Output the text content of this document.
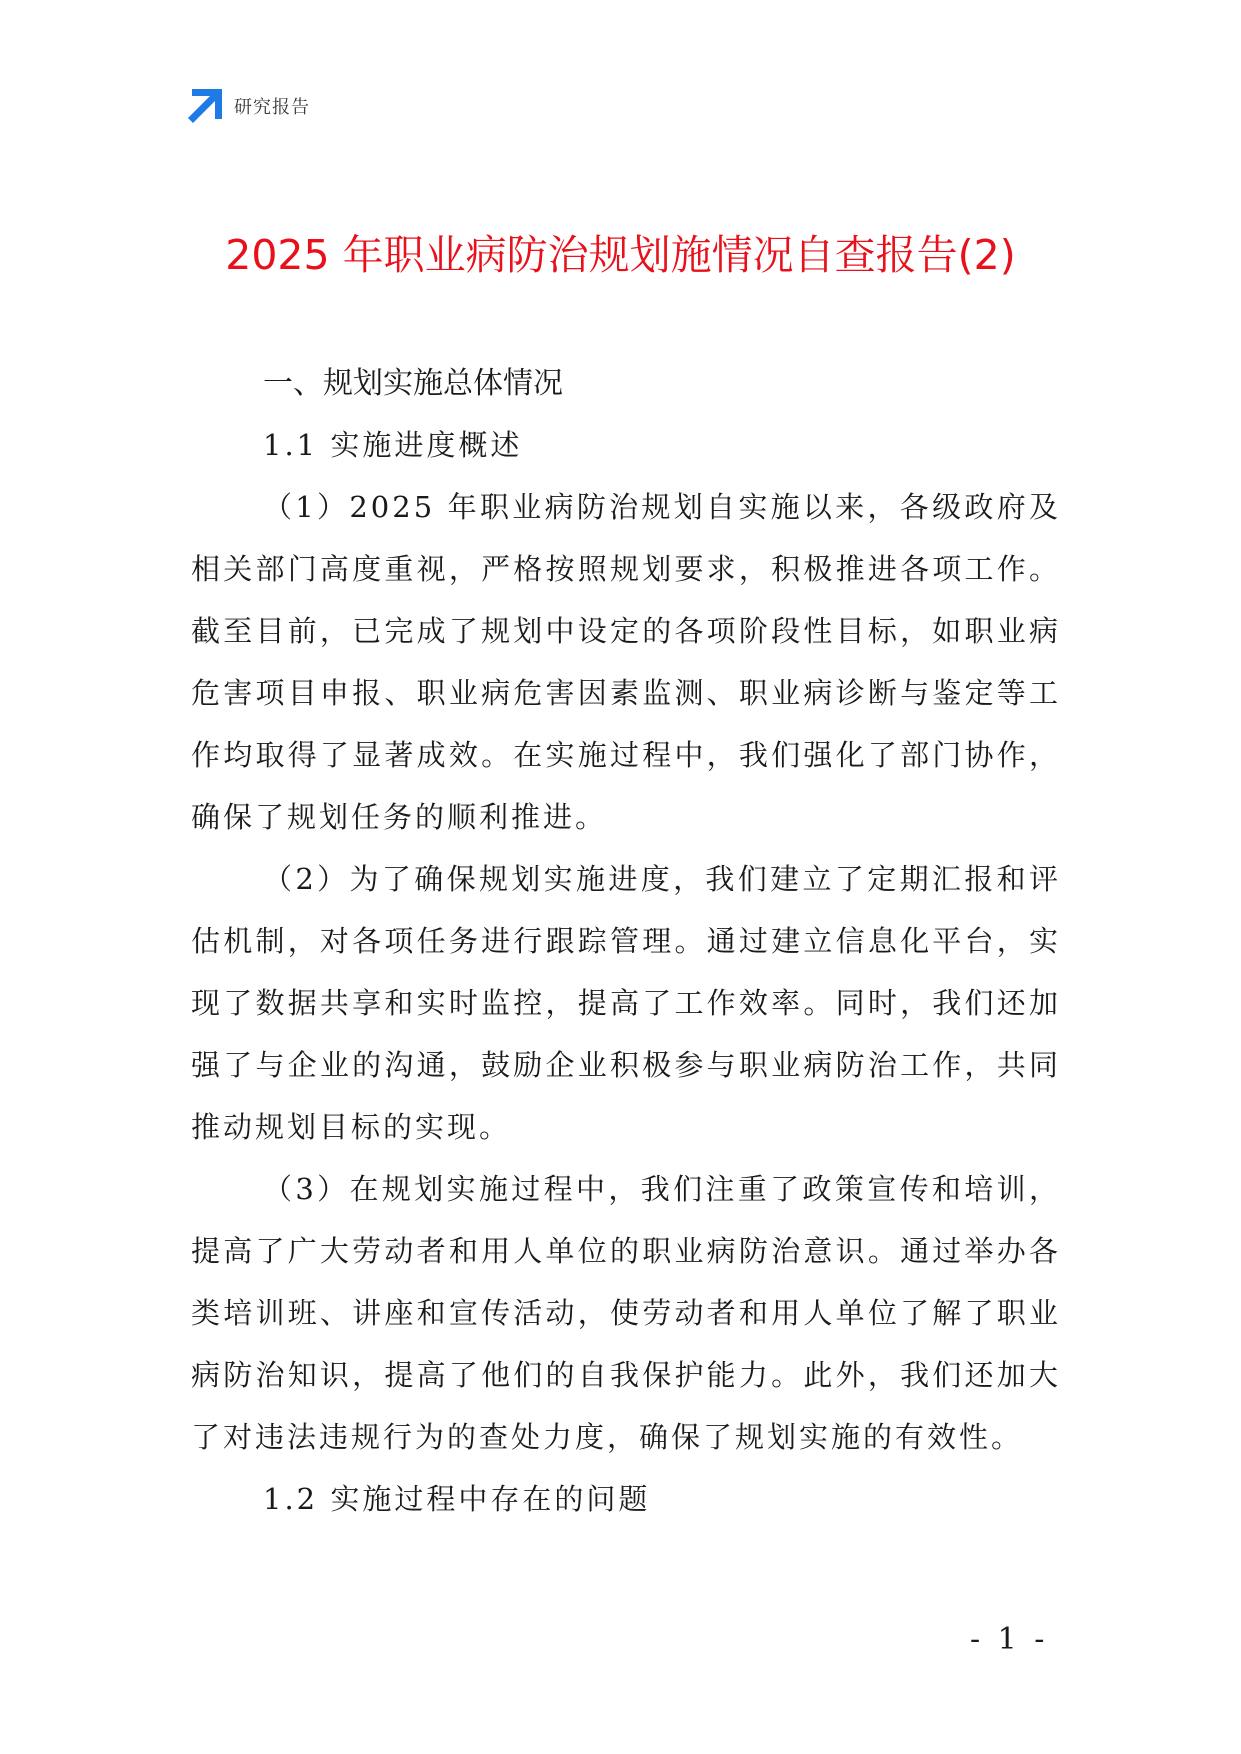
研究报告
2025 年职业病防治规划施情况自查报告(2)
一、规划实施总体情况
1.1 实施进度概述

（1）2025 年职业病防治规划自实施以来，各级政府及相关部门高度重视，严格按照规划要求，积极推进各项工作。截至目前，已完成了规划中设定的各项阶段性目标，如职业病危害项目申报、职业病危害因素监测、职业病诊断与鉴定等工作均取得了显著成效。在实施过程中，我们强化了部门协作，确保了规划任务的顺利推进。

（2）为了确保规划实施进度，我们建立了定期汇报和评估机制，对各项任务进行跟踪管理。通过建立信息化平台，实现了数据共享和实时监控，提高了工作效率。同时，我们还加强了与企业的沟通，鼓励企业积极参与职业病防治工作，共同推动规划目标的实现。

（3）在规划实施过程中，我们注重了政策宣传和培训，提高了广大劳动者和用人单位的职业病防治意识。通过举办各类培训班、讲座和宣传活动，使劳动者和用人单位了解了职业病防治知识，提高了他们的自我保护能力。此外，我们还加大了对违法违规行为的查处力度，确保了规划实施的有效性。

1.2 实施过程中存在的问题
- 1 -
